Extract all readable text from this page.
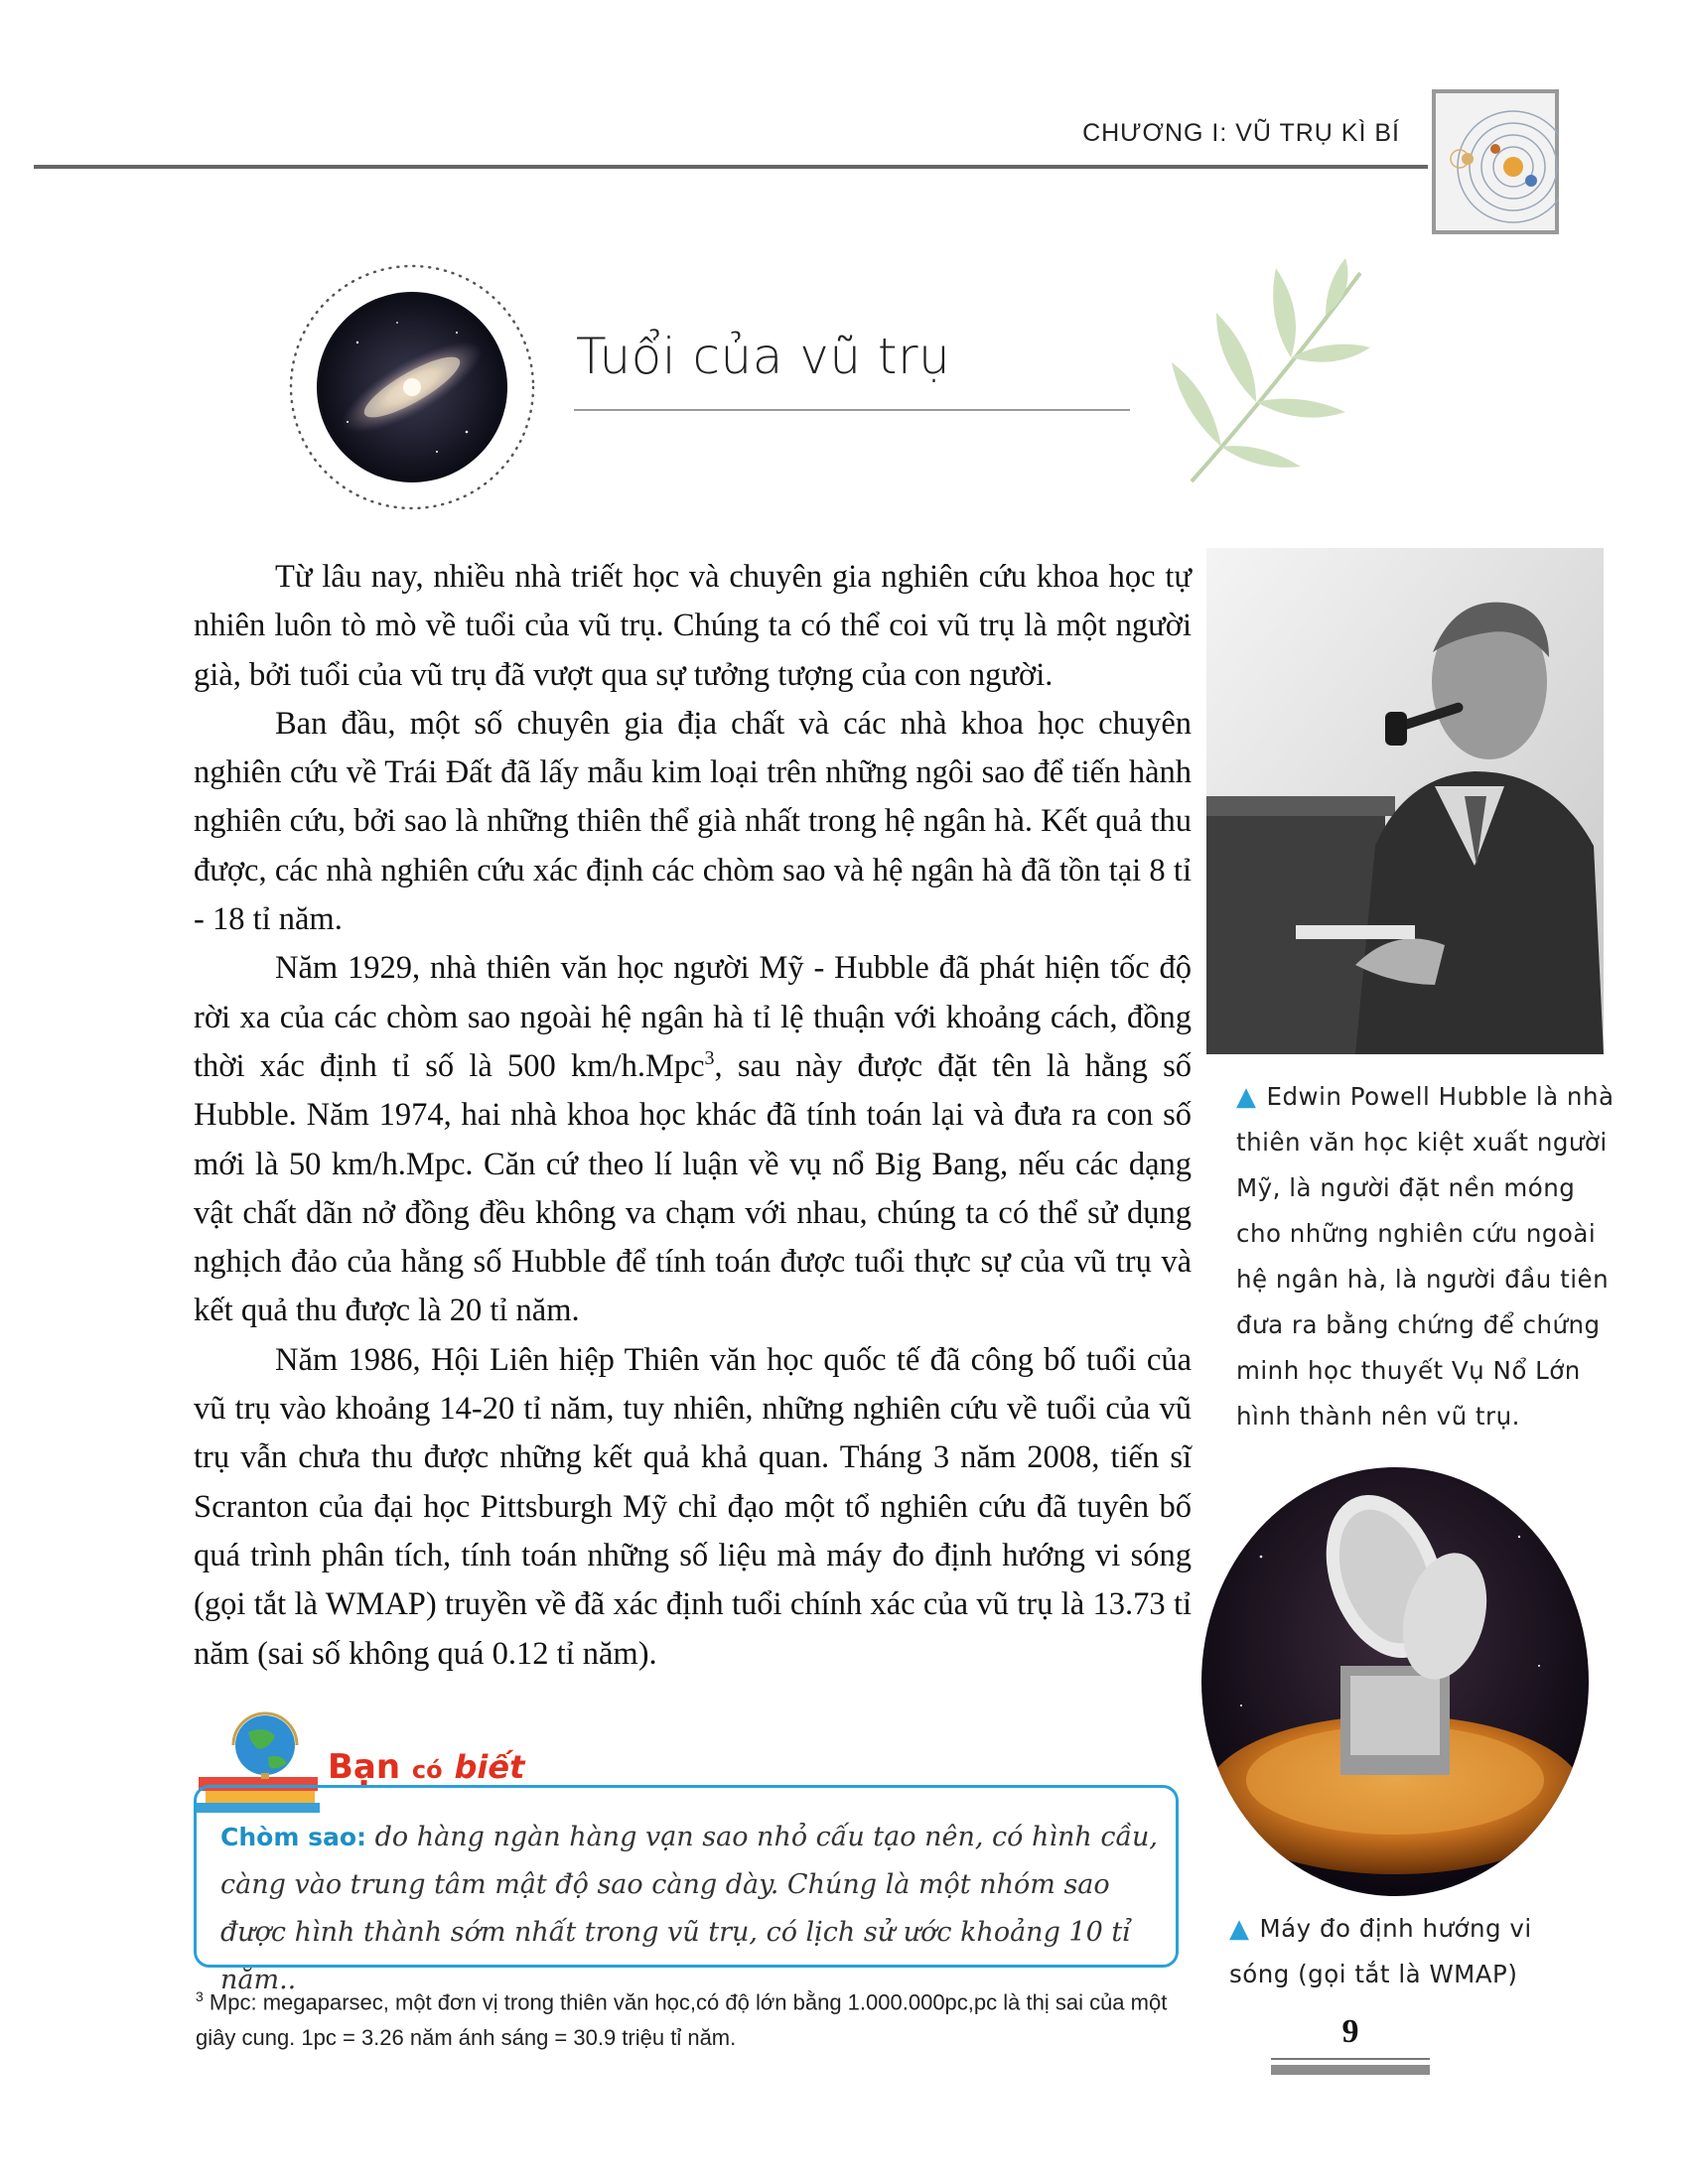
CHƯƠNG I: VŨ TRỤ KÌ BÍ
Tuổi của vũ trụ

Từ lâu nay, nhiều nhà triết học và chuyên gia nghiên cứu khoa học tự nhiên luôn tò mò về tuổi của vũ trụ. Chúng ta có thể coi vũ trụ là một người già, bởi tuổi của vũ trụ đã vượt qua sự tưởng tượng của con người.

Ban đầu, một số chuyên gia địa chất và các nhà khoa học chuyên nghiên cứu về Trái Đất đã lấy mẫu kim loại trên những ngôi sao để tiến hành nghiên cứu, bởi sao là những thiên thể già nhất trong hệ ngân hà. Kết quả thu được, các nhà nghiên cứu xác định các chòm sao và hệ ngân hà đã tồn tại 8 tỉ - 18 tỉ năm.

Năm 1929, nhà thiên văn học người Mỹ - Hubble đã phát hiện tốc độ rời xa của các chòm sao ngoài hệ ngân hà tỉ lệ thuận với khoảng cách, đồng thời xác định tỉ số là 500 km/h.Mpc$^3$, sau này được đặt tên là hằng số Hubble. Năm 1974, hai nhà khoa học khác đã tính toán lại và đưa ra con số mới là 50 km/h.Mpc. Căn cứ theo lí luận về vụ nổ Big Bang, nếu các dạng vật chất dãn nở đồng đều không va chạm với nhau, chúng ta có thể sử dụng nghịch đảo của hằng số Hubble để tính toán được tuổi thực sự của vũ trụ và kết quả thu được là 20 tỉ năm.

Năm 1986, Hội Liên hiệp Thiên văn học quốc tế đã công bố tuổi của vũ trụ vào khoảng 14-20 tỉ năm, tuy nhiên, những nghiên cứu về tuổi của vũ trụ vẫn chưa thu được những kết quả khả quan. Tháng 3 năm 2008, tiến sĩ Scranton của đại học Pittsburgh Mỹ chỉ đạo một tổ nghiên cứu đã tuyên bố quá trình phân tích, tính toán những số liệu mà máy đo định hướng vi sóng (gọi tắt là WMAP) truyền về đã xác định tuổi chính xác của vũ trụ là 13.73 tỉ năm (sai số không quá 0.12 tỉ năm).

▲ Edwin Powell Hubble là nhà thiên văn học kiệt xuất người Mỹ, là người đặt nền móng cho những nghiên cứu ngoài hệ ngân hà, là người đầu tiên đưa ra bằng chứng để chứng minh học thuyết Vụ Nổ Lớn hình thành nên vũ trụ.
▲ Máy đo định hướng vi sóng (gọi tắt là WMAP)
Bạn có biết
Chòm sao: do hàng ngàn hàng vạn sao nhỏ cấu tạo nên, có hình cầu, càng vào trung tâm mật độ sao càng dày. Chúng là một nhóm sao được hình thành sớm nhất trong vũ trụ, có lịch sử ước khoảng 10 tỉ năm..
$^3$ Mpc: megaparsec, một đơn vị trong thiên văn học,có độ lớn bằng 1.000.000pc,pc là thị sai của một giây cung. 1pc = 3.26 năm ánh sáng = 30.9 triệu tỉ năm.	9
